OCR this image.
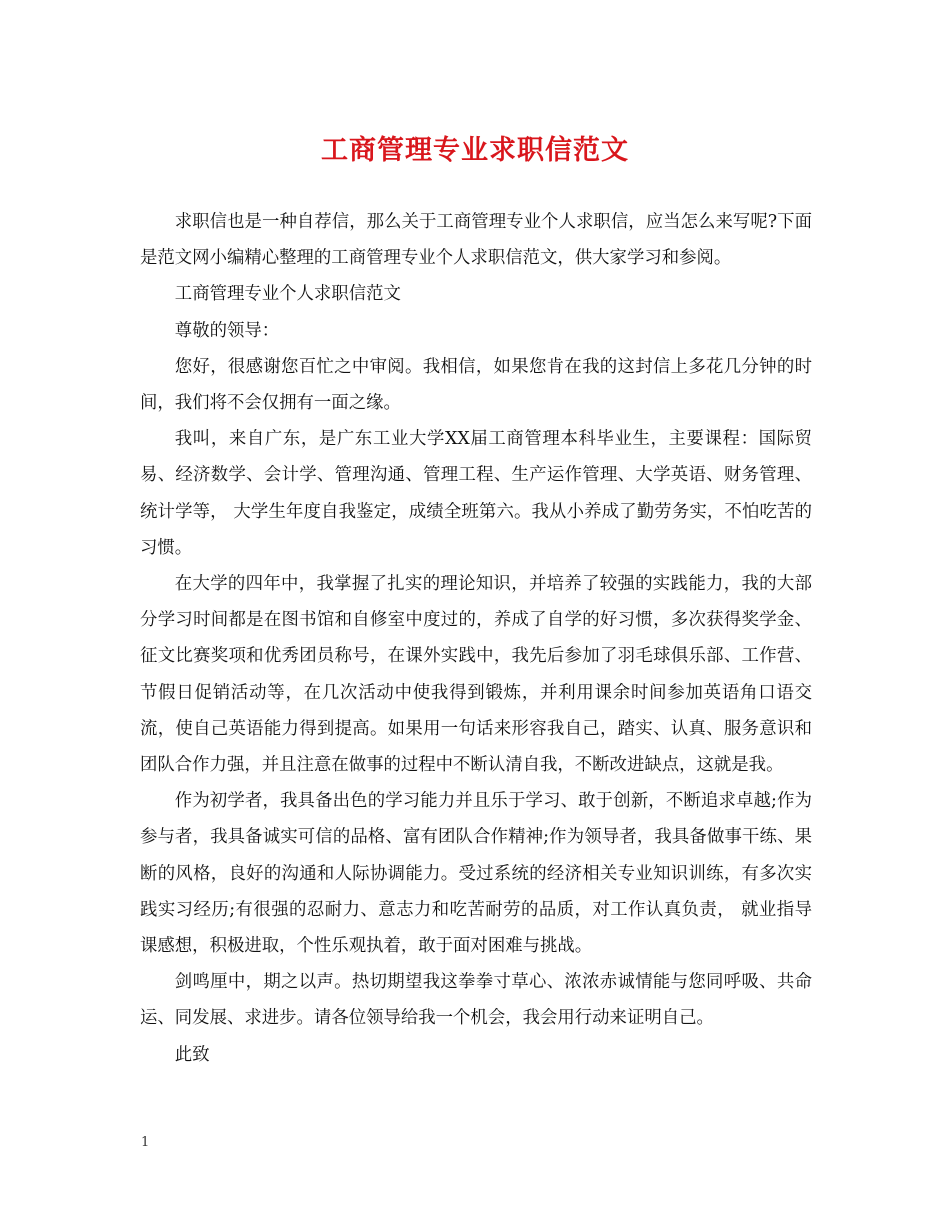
工商管理专业求职信范文

求职信也是一种自荐信，那么关于工商管理专业个人求职信，应当怎么来写呢?下面是范文网小编精心整理的工商管理专业个人求职信范文，供大家学习和参阅。

工商管理专业个人求职信范文

尊敬的领导：

您好，很感谢您百忙之中审阅。我相信，如果您肯在我的这封信上多花几分钟的时间，我们将不会仅拥有一面之缘。

我叫，来自广东，是广东工业大学XX届工商管理本科毕业生，主要课程：国际贸易、经济数学、会计学、管理沟通、管理工程、生产运作管理、大学英语、财务管理、统计学等， 大学生年度自我鉴定，成绩全班第六。我从小养成了勤劳务实，不怕吃苦的习惯。

在大学的四年中，我掌握了扎实的理论知识，并培养了较强的实践能力，我的大部分学习时间都是在图书馆和自修室中度过的，养成了自学的好习惯，多次获得奖学金、征文比赛奖项和优秀团员称号，在课外实践中，我先后参加了羽毛球俱乐部、工作营、节假日促销活动等，在几次活动中使我得到锻炼，并利用课余时间参加英语角口语交流，使自己英语能力得到提高。如果用一句话来形容我自己，踏实、认真、服务意识和团队合作力强，并且注意在做事的过程中不断认清自我，不断改进缺点，这就是我。

作为初学者，我具备出色的学习能力并且乐于学习、敢于创新，不断追求卓越;作为参与者，我具备诚实可信的品格、富有团队合作精神;作为领导者，我具备做事干练、果断的风格，良好的沟通和人际协调能力。受过系统的经济相关专业知识训练，有多次实践实习经历;有很强的忍耐力、意志力和吃苦耐劳的品质，对工作认真负责， 就业指导课感想，积极进取，个性乐观执着，敢于面对困难与挑战。

剑鸣厘中，期之以声。热切期望我这拳拳寸草心、浓浓赤诚情能与您同呼吸、共命运、同发展、求进步。请各位领导给我一个机会，我会用行动来证明自己。

此致

1
